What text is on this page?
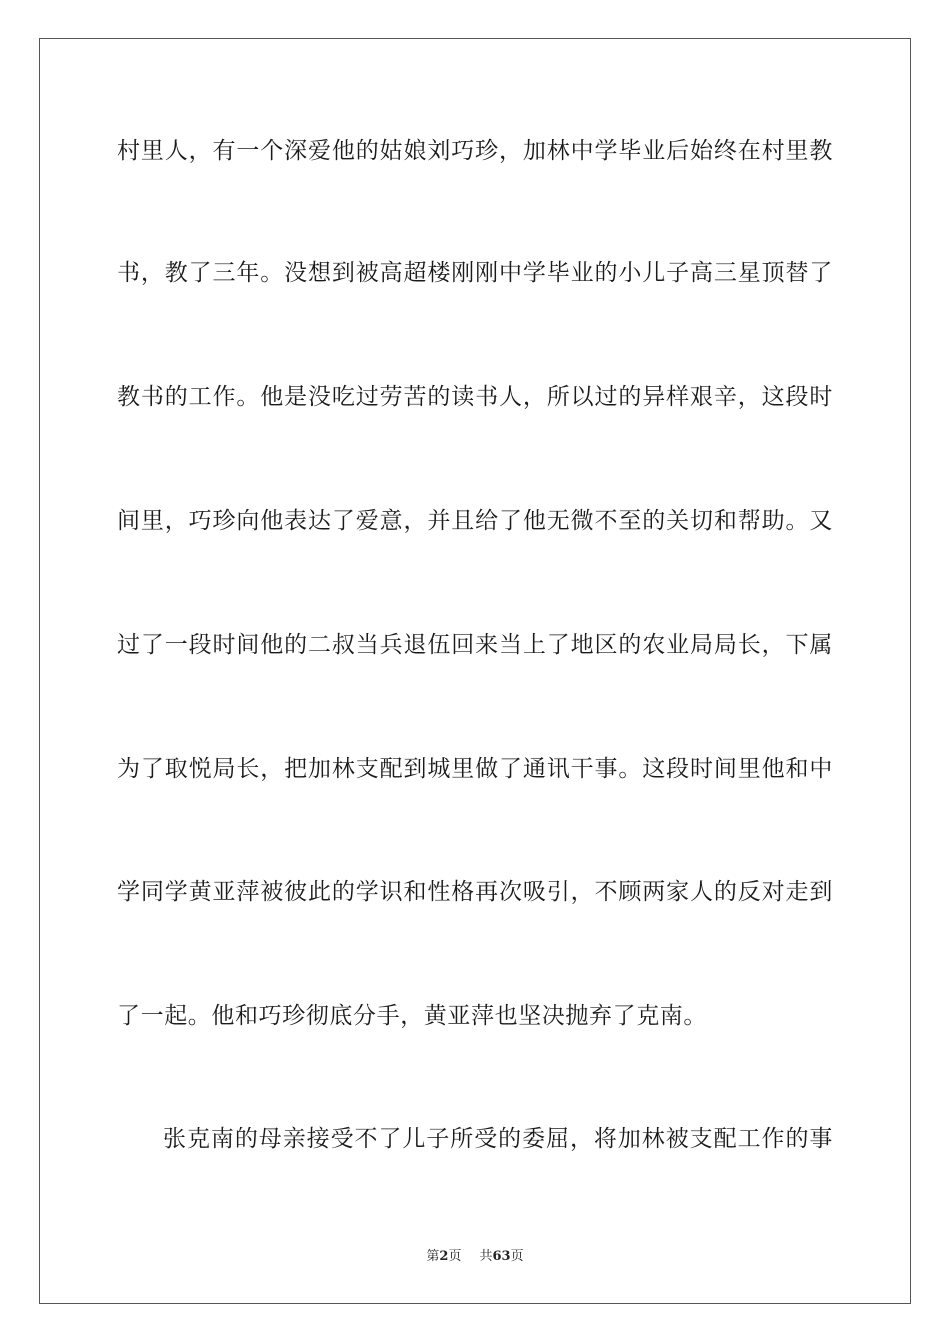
村里人，有一个深爱他的姑娘刘巧珍，加林中学毕业后始终在村里教
书，教了三年。没想到被高超楼刚刚中学毕业的小儿子高三星顶替了
教书的工作。他是没吃过劳苦的读书人，所以过的异样艰辛，这段时
间里，巧珍向他表达了爱意，并且给了他无微不至的关切和帮助。又
过了一段时间他的二叔当兵退伍回来当上了地区的农业局局长，下属
为了取悦局长，把加林支配到城里做了通讯干事。这段时间里他和中
学同学黄亚萍被彼此的学识和性格再次吸引，不顾两家人的反对走到
了一起。他和巧珍彻底分手，黄亚萍也坚决抛弃了克南。
张克南的母亲接受不了儿子所受的委屈，将加林被支配工作的事
第2页 共63页
